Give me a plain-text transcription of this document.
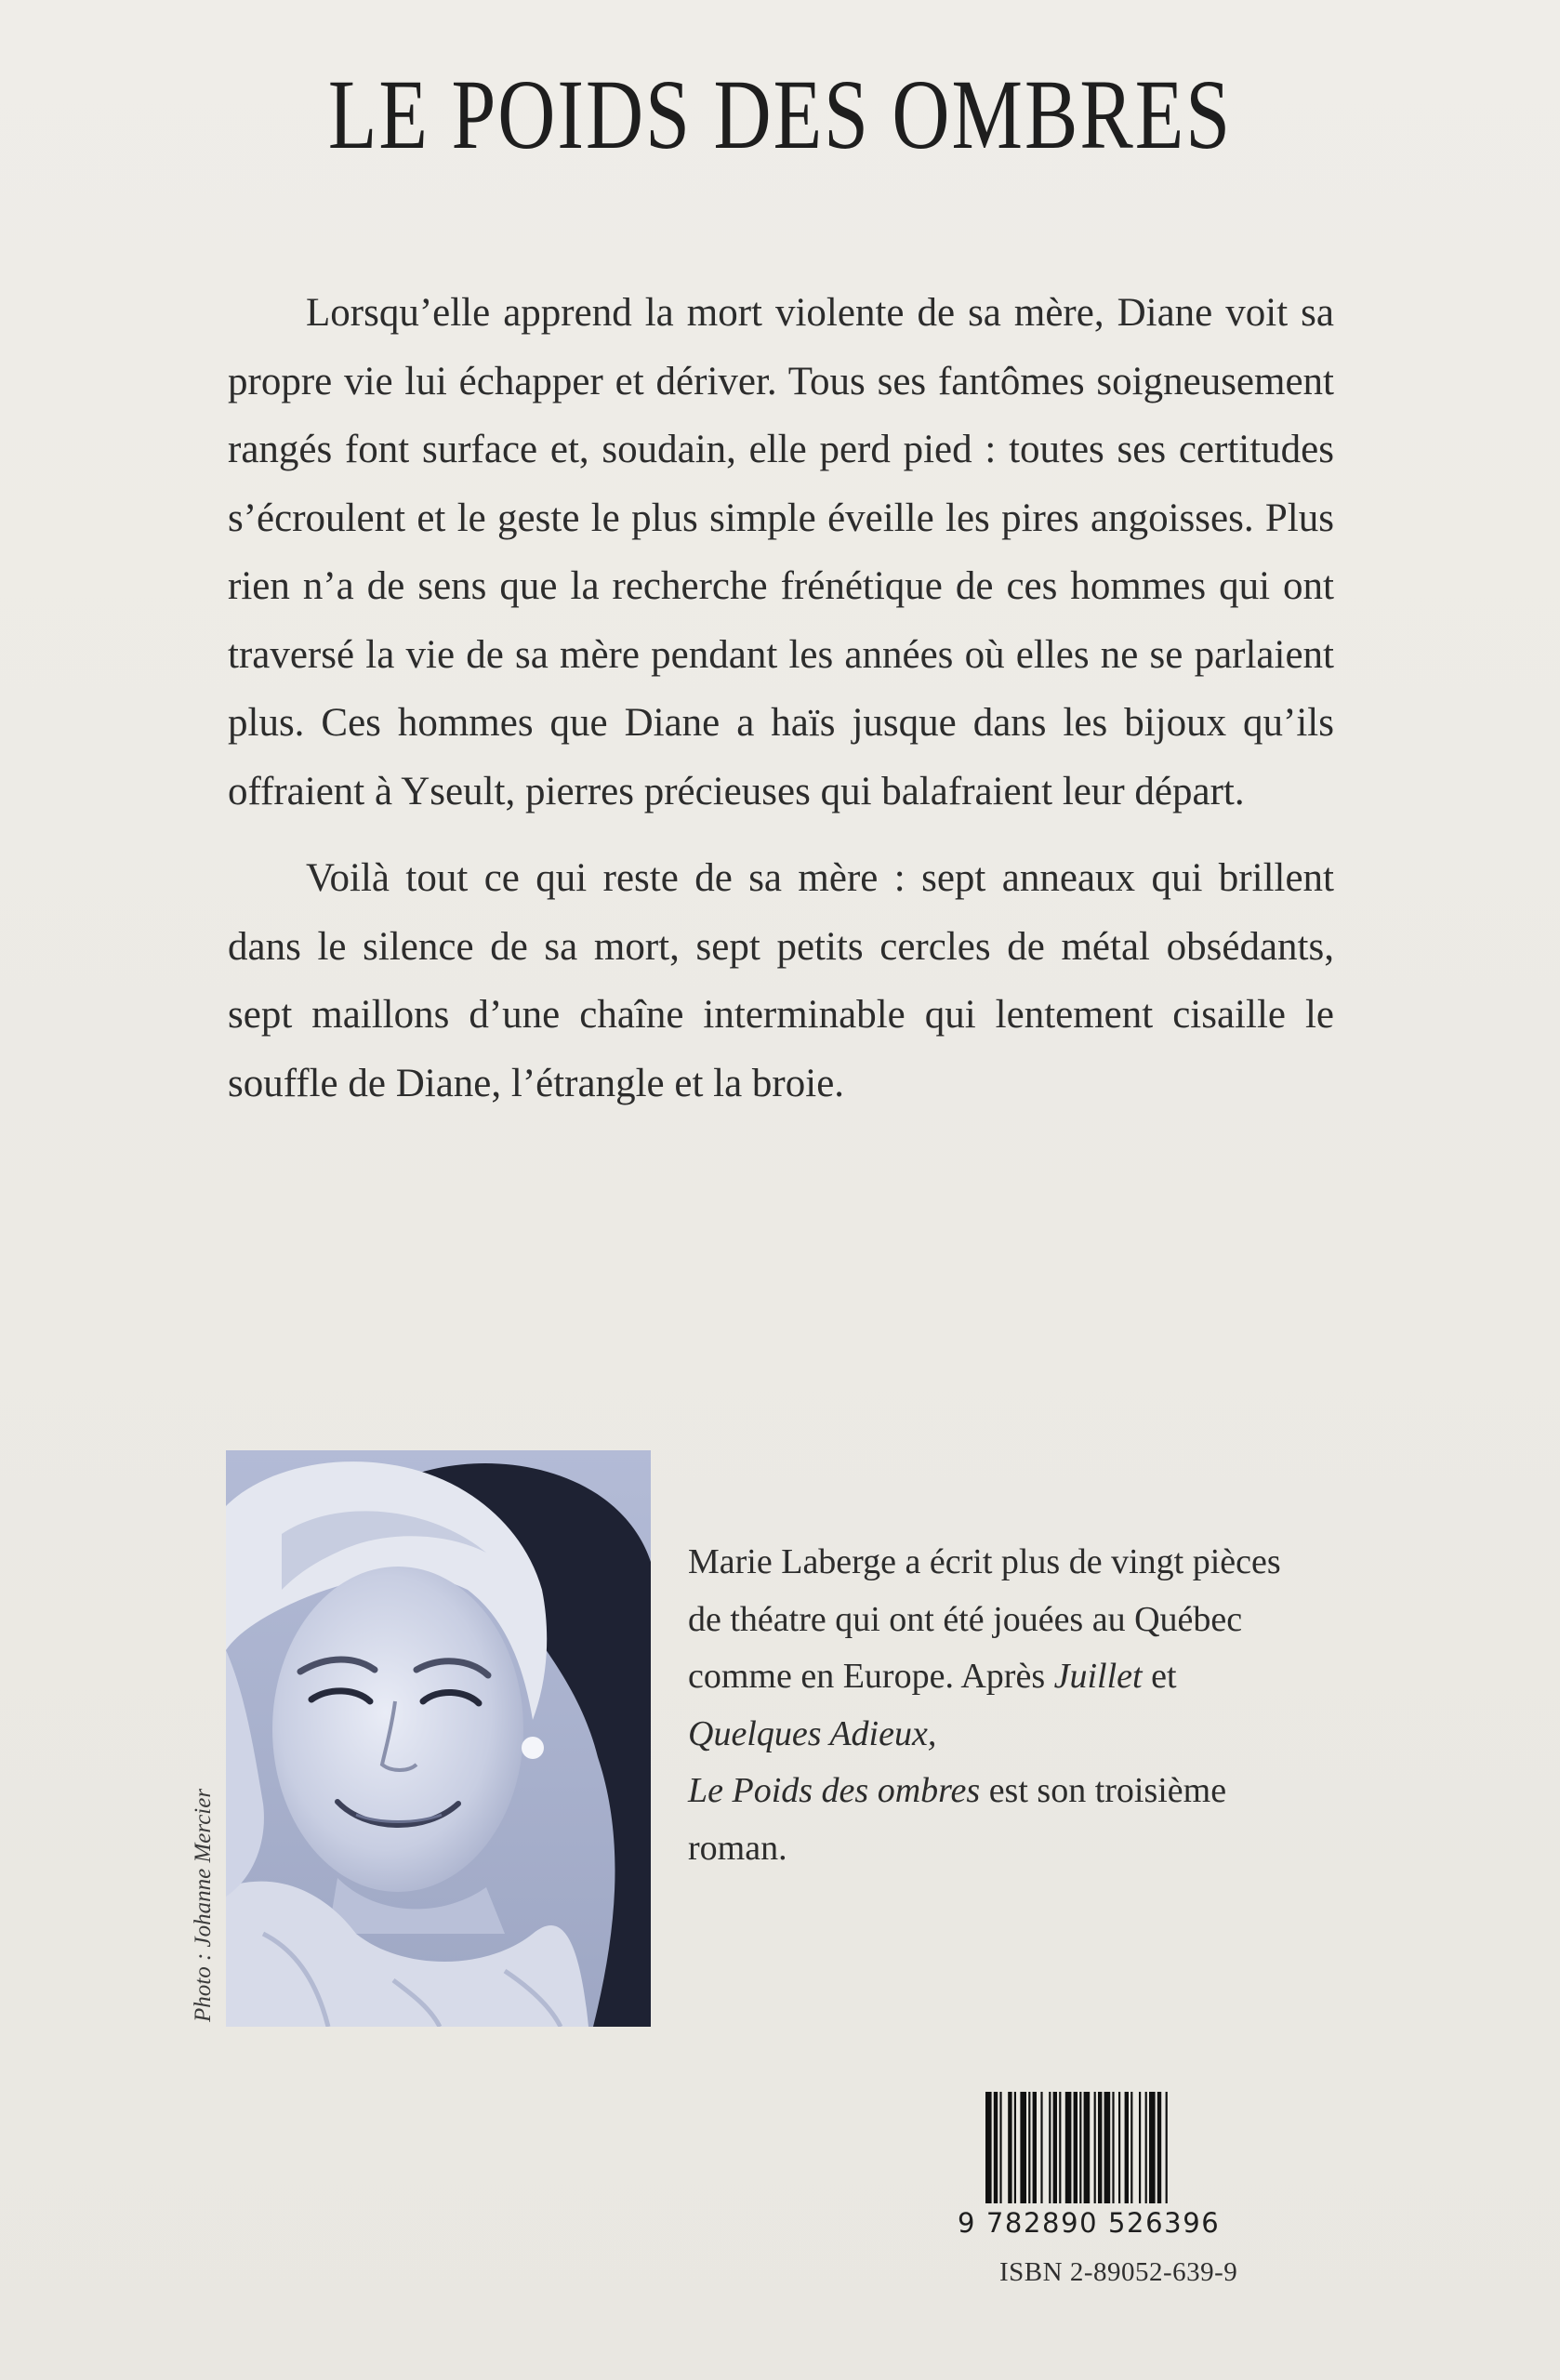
LE POIDS DES OMBRES

Lorsqu’elle apprend la mort violente de sa mère, Diane voit sa propre vie lui échapper et dériver. Tous ses fantômes soigneusement rangés font surface et, soudain, elle perd pied : toutes ses certitudes s’écroulent et le geste le plus simple éveille les pires angoisses. Plus rien n’a de sens que la recherche frénétique de ces hommes qui ont traversé la vie de sa mère pendant les années où elles ne se parlaient plus. Ces hommes que Diane a haïs jusque dans les bijoux qu’ils offraient à Yseult, pierres précieuses qui balafraient leur départ.

Voilà tout ce qui reste de sa mère : sept anneaux qui brillent dans le silence de sa mort, sept petits cercles de métal obsédants, sept maillons d’une chaîne interminable qui lentement cisaille le souffle de Diane, l’étrangle et la broie.

Photo : Johanne Mercier
Marie Laberge a écrit plus de vingt pièces de théatre qui ont été jouées au Québec comme en Europe. Après Juillet et Quelques Adieux,
Le Poids des ombres est son troisième roman.
9 782890 526396
ISBN 2-89052-639-9
